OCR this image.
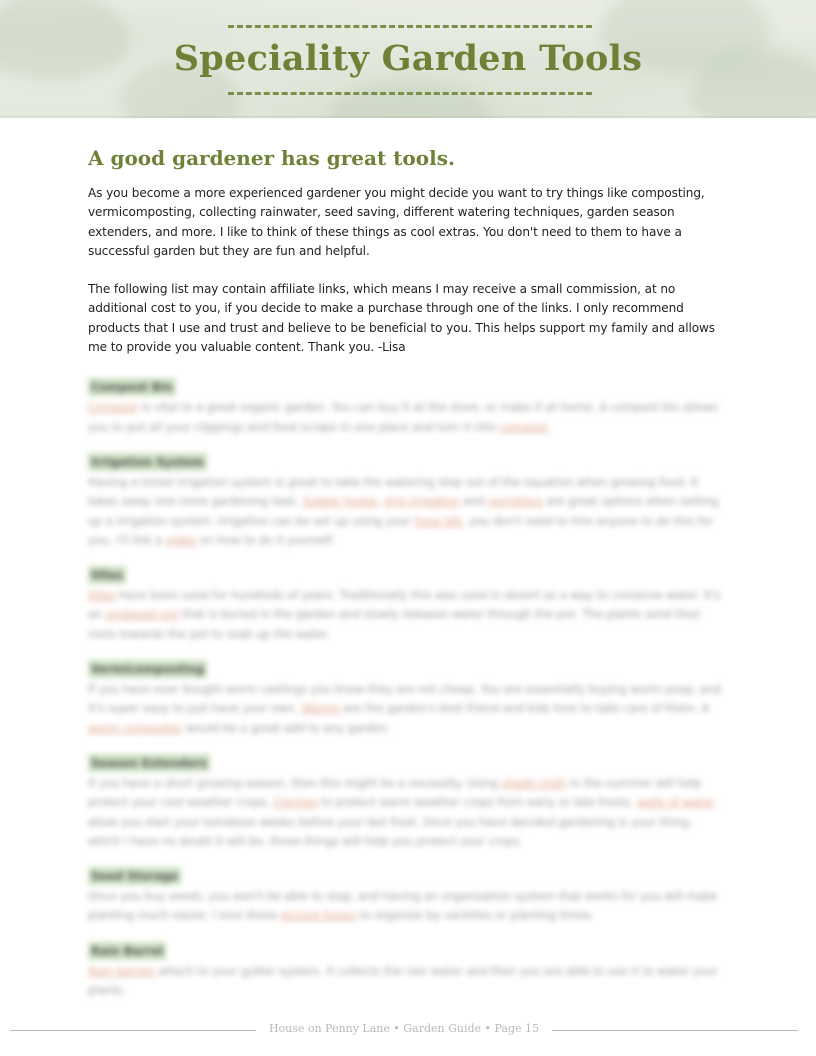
Speciality Garden Tools
A good gardener has great tools.

As you become a more experienced gardener you might decide you want to try things like composting, vermicomposting, collecting rainwater, seed saving, different watering techniques, garden season extenders, and more. I like to think of these things as cool extras. You don't need to them to have a successful garden but they are fun and helpful.

The following list may contain affiliate links, which means I may receive a small commission, at no additional cost to you, if you decide to make a purchase through one of the links. I only recommend products that I use and trust and believe to be beneficial to you. This helps support my family and allows me to provide you valuable content. Thank you. -Lisa

Compost Bin

Compost is vital to a great organic garden. You can buy it at the store, or make it at home. A compost bin allows you to put all your clippings and food scraps in one place and turn it into compost.

Irrigation System

Having a timed irrigation system is great to take the watering step out of the equation when growing food. It takes away one more gardening task. Soaker hoses, drip irrigation and sprinklers are great options when setting up a irrigation system. Irrigation can be set up using your hose bib, you don't need to hire anyone to do this for you. I'll link a video on how to do it yourself.

Ollas

Ollas have been used for hundreds of years. Traditionally this was used in desert as a way to conserve water. It's an unglazed pot that is buried in the garden and slowly releases water through the pot. The plants send their roots towards the pot to soak up the water.

Vermicomposting

If you have ever bought worm castings you know they are not cheap. You are essentially buying worm poop, and it's super easy to just have your own. Worms are the garden's best friend and kids love to take care of them. A worm composter would be a great add to any garden.

Season Extenders

If you have a short growing season, then this might be a necessity. Using shade cloth in the summer will help protect your cool weather crops. Cloches to protect warm weather crops from early or late frosts, walls of water allow you start your tomatoes weeks before your last frost. Once you have decided gardening is your thing, which I have no doubt it will be, these things will help you protect your crops.

Seed Storage

Once you buy seeds, you won't be able to stop, and having an organization system that works for you will make planting much easier. I love these picture boxes to organize by varieties or planting times.

Rain Barrel

Rain barrels attach to your gutter system. It collects the rain water and then you are able to use it to water your plants.

House on Penny Lane • Garden Guide • Page 15
